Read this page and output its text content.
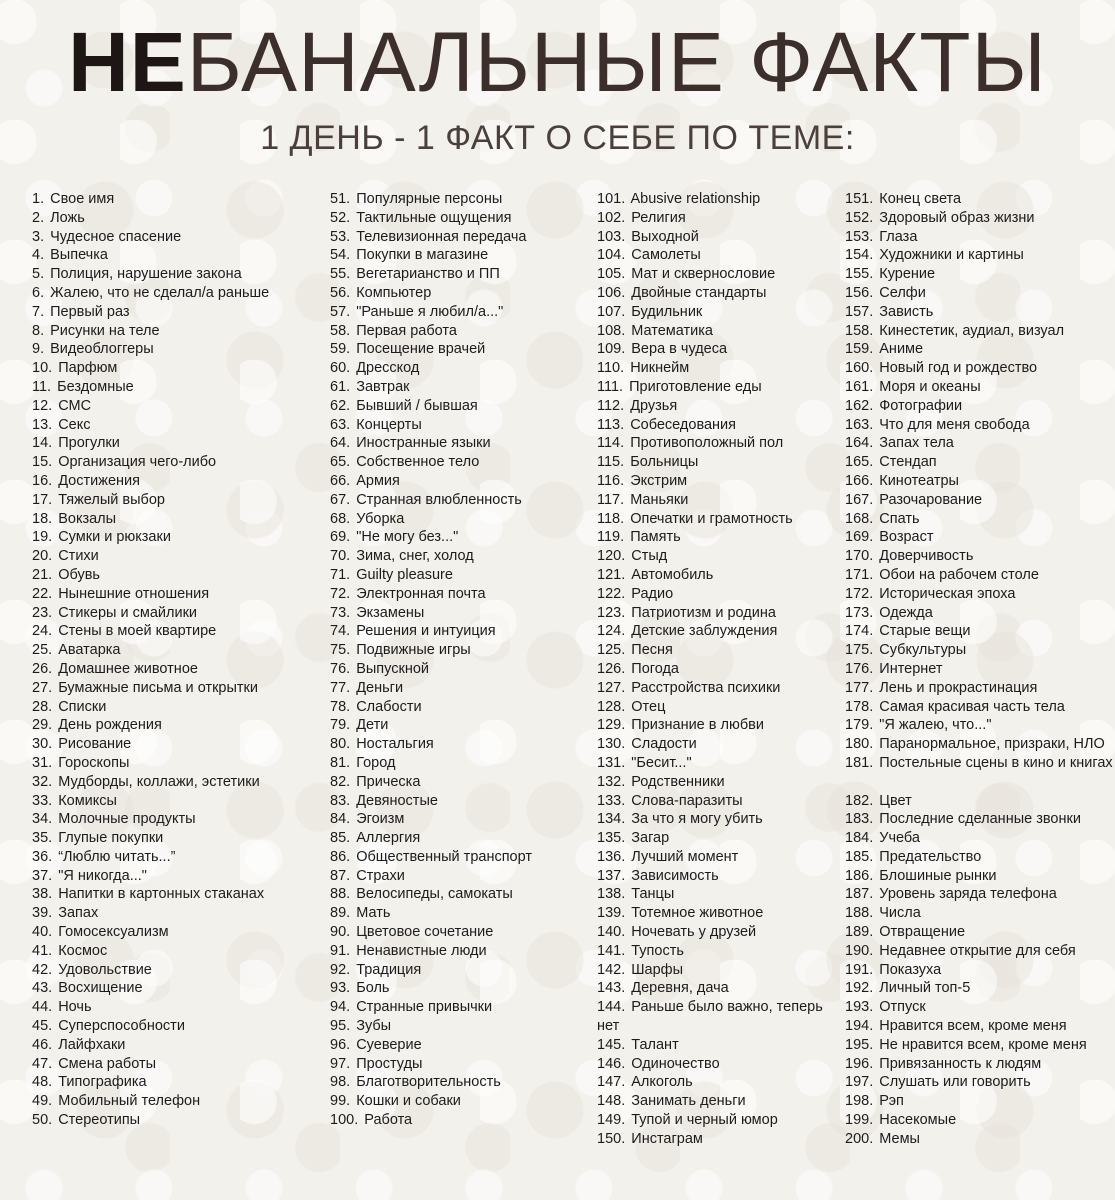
НЕБАНАЛЬНЫЕ ФАКТЫ
1 ДЕНЬ - 1 ФАКТ О СЕБЕ ПО ТЕМЕ:
1. Свое имя
2. Ложь
3. Чудесное спасение
4. Выпечка
5. Полиция, нарушение закона
6. Жалею, что не сделал/а раньше
7. Первый раз
8. Рисунки на теле
9. Видеоблоггеры
10. Парфюм
11. Бездомные
12. СМС
13. Секс
14. Прогулки
15. Организация чего-либо
16. Достижения
17. Тяжелый выбор
18. Вокзалы
19. Сумки и рюкзаки
20. Стихи
21. Обувь
22. Нынешние отношения
23. Стикеры и смайлики
24. Стены в моей квартире
25. Аватарка
26. Домашнее животное
27. Бумажные письма и открытки
28. Списки
29. День рождения
30. Рисование
31. Гороскопы
32. Мудборды, коллажи, эстетики
33. Комиксы
34. Молочные продукты
35. Глупые покупки
36. “Люблю читать...”
37. "Я никогда..."
38. Напитки в картонных стаканах
39. Запах
40. Гомосексуализм
41. Космос
42. Удовольствие
43. Восхищение
44. Ночь
45. Суперспособности
46. Лайфхаки
47. Смена работы
48. Типографика
49. Мобильный телефон
50. Стереотипы
51. Популярные персоны
52. Тактильные ощущения
53. Телевизионная передача
54. Покупки в магазине
55. Вегетарианство и ПП
56. Компьютер
57. "Раньше я любил/а..."
58. Первая работа
59. Посещение врачей
60. Дресскод
61. Завтрак
62. Бывший / бывшая
63. Концерты
64. Иностранные языки
65. Собственное тело
66. Армия
67. Странная влюбленность
68. Уборка
69. "Не могу без..."
70. Зима, снег, холод
71. Guilty pleasure
72. Электронная почта
73. Экзамены
74. Решения и интуиция
75. Подвижные игры
76. Выпускной
77. Деньги
78. Слабости
79. Дети
80. Ностальгия
81. Город
82. Прическа
83. Девяностые
84. Эгоизм
85. Аллергия
86. Общественный транспорт
87. Страхи
88. Велосипеды, самокаты
89. Мать
90. Цветовое сочетание
91. Ненавистные люди
92. Традиция
93. Боль
94. Странные привычки
95. Зубы
96. Суеверие
97. Простуды
98. Благотворительность
99. Кошки и собаки
100. Работа
101. Abusive relationship
102. Религия
103. Выходной
104. Самолеты
105. Мат и сквернословие
106. Двойные стандарты
107. Будильник
108. Математика
109. Вера в чудеса
110. Никнейм
111. Приготовление еды
112. Друзья
113. Собеседования
114. Противоположный пол
115. Больницы
116. Экстрим
117. Маньяки
118. Опечатки и грамотность
119. Память
120. Стыд
121. Автомобиль
122. Радио
123. Патриотизм и родина
124. Детские заблуждения
125. Песня
126. Погода
127. Расстройства психики
128. Отец
129. Признание в любви
130. Сладости
131. "Бесит..."
132. Родственники
133. Слова-паразиты
134. За что я могу убить
135. Загар
136. Лучший момент
137. Зависимость
138. Танцы
139. Тотемное животное
140. Ночевать у друзей
141. Тупость
142. Шарфы
143. Деревня, дача
144. Раньше было важно, теперь нет
145. Талант
146. Одиночество
147. Алкоголь
148. Занимать деньги
149. Тупой и черный юмор
150. Инстаграм
151. Конец света
152. Здоровый образ жизни
153. Глаза
154. Художники и картины
155. Курение
156. Селфи
157. Зависть
158. Кинестетик, аудиал, визуал
159. Аниме
160. Новый год и рождество
161. Моря и океаны
162. Фотографии
163. Что для меня свобода
164. Запах тела
165. Стендап
166. Кинотеатры
167. Разочарование
168. Спать
169. Возраст
170. Доверчивость
171. Обои на рабочем столе
172. Историческая эпоха
173. Одежда
174. Старые вещи
175. Субкультуры
176. Интернет
177. Лень и прокрастинация
178. Самая красивая часть тела
179. "Я жалею, что..."
180. Паранормальное, призраки, НЛО
181. Постельные сцены в кино и книгах
182. Цвет
183. Последние сделанные звонки
184. Учеба
185. Предательство
186. Блошиные рынки
187. Уровень заряда телефона
188. Числа
189. Отвращение
190. Недавнее открытие для себя
191. Показуха
192. Личный топ-5
193. Отпуск
194. Нравится всем, кроме меня
195. Не нравится всем, кроме меня
196. Привязанность к людям
197. Слушать или говорить
198. Рэп
199. Насекомые
200. Мемы
